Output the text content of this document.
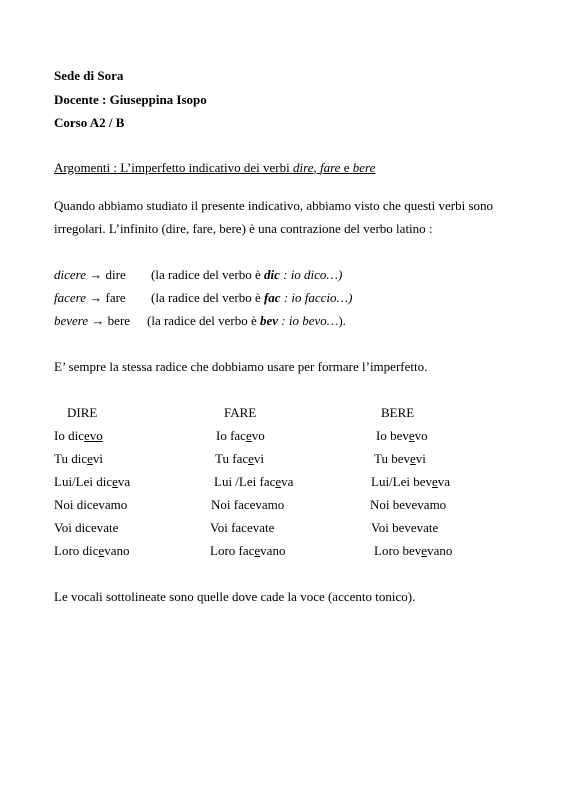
Sede di Sora
Docente : Giuseppina Isopo
Corso A2 / B
Argomenti : L’imperfetto indicativo dei verbi dire, fare e bere
Quando abbiamo studiato il presente indicativo, abbiamo visto che questi verbi sono
irregolari. L’infinito (dire, fare, bere) è una contrazione del verbo latino :
dicere → dire (la radice del verbo è dic : io dico…)
facere → fare (la radice del verbo è fac : io faccio…)
bevere → bere (la radice del verbo è bev : io bevo…).
E’ sempre la stessa radice che dobbiamo usare per formare l’imperfetto.
DIRE	FARE	BERE
Io dicevo	Io facevo	Io bevevo
Tu dicevi	Tu facevi	Tu bevevi
Lui/Lei diceva	Lui /Lei faceva	Lui/Lei beveva
Noi dicevamo	Noi facevamo	Noi bevevamo
Voi dicevate	Voi facevate	Voi bevevate
Loro dicevano	Loro facevano	Loro bevevano
Le vocali sottolineate sono quelle dove cade la voce (accento tonico).
